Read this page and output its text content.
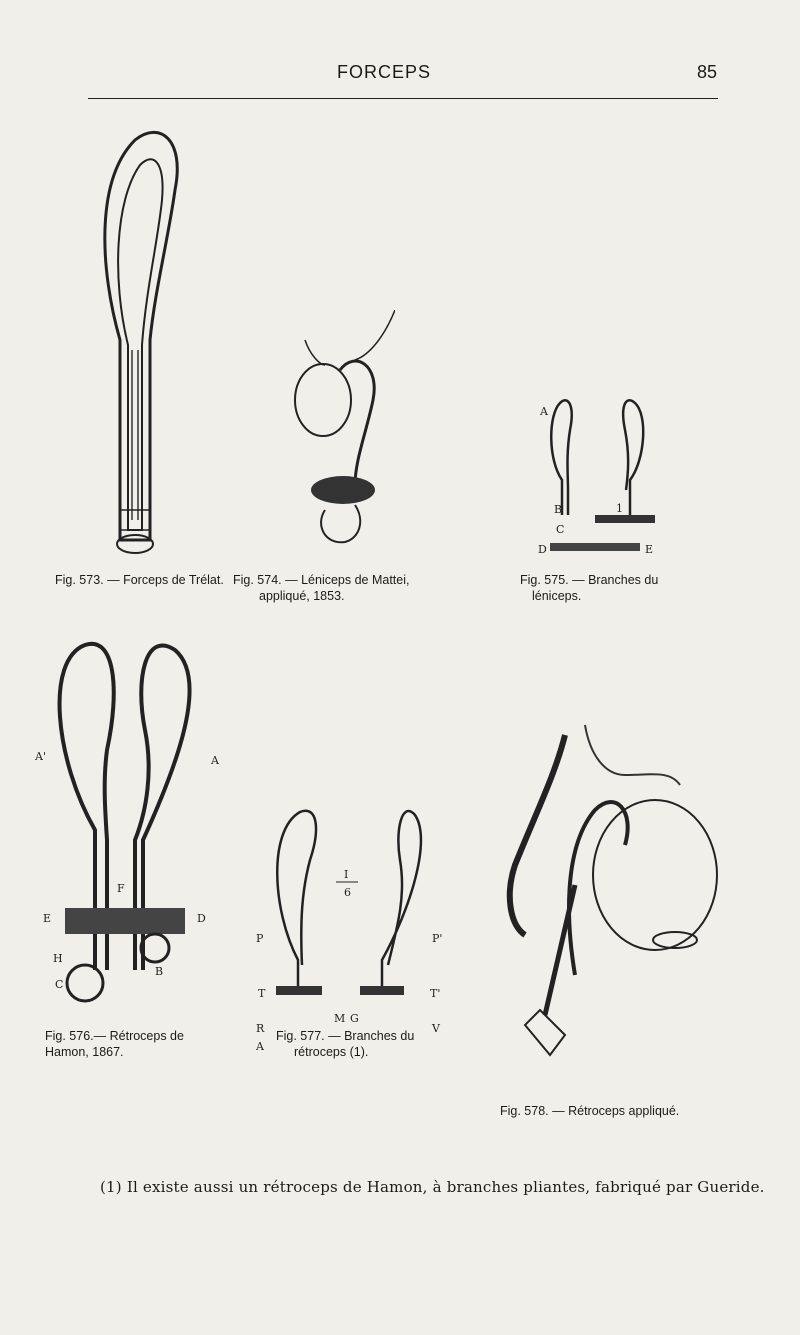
FORCEPS	85
Fig. 573. — Forceps de Trélat. Fig. 574. — Léniceps de Mattei,
appliqué, 1853.
A
B
C
D	E
1
Fig. 575. — Branches du
léniceps.
A'	A
F
E	D
H
C
B
Fig. 576.— Rétroceps de
Hamon, 1867.
I
6
P	P'
T	T'
Fig. 577. — Branches du
rétroceps (1).
R
A
M G
V
Fig. 578. — Rétroceps appliqué.
(1) Il existe aussi un rétroceps de Hamon, à branches pliantes, fabriqué par Gueride.
